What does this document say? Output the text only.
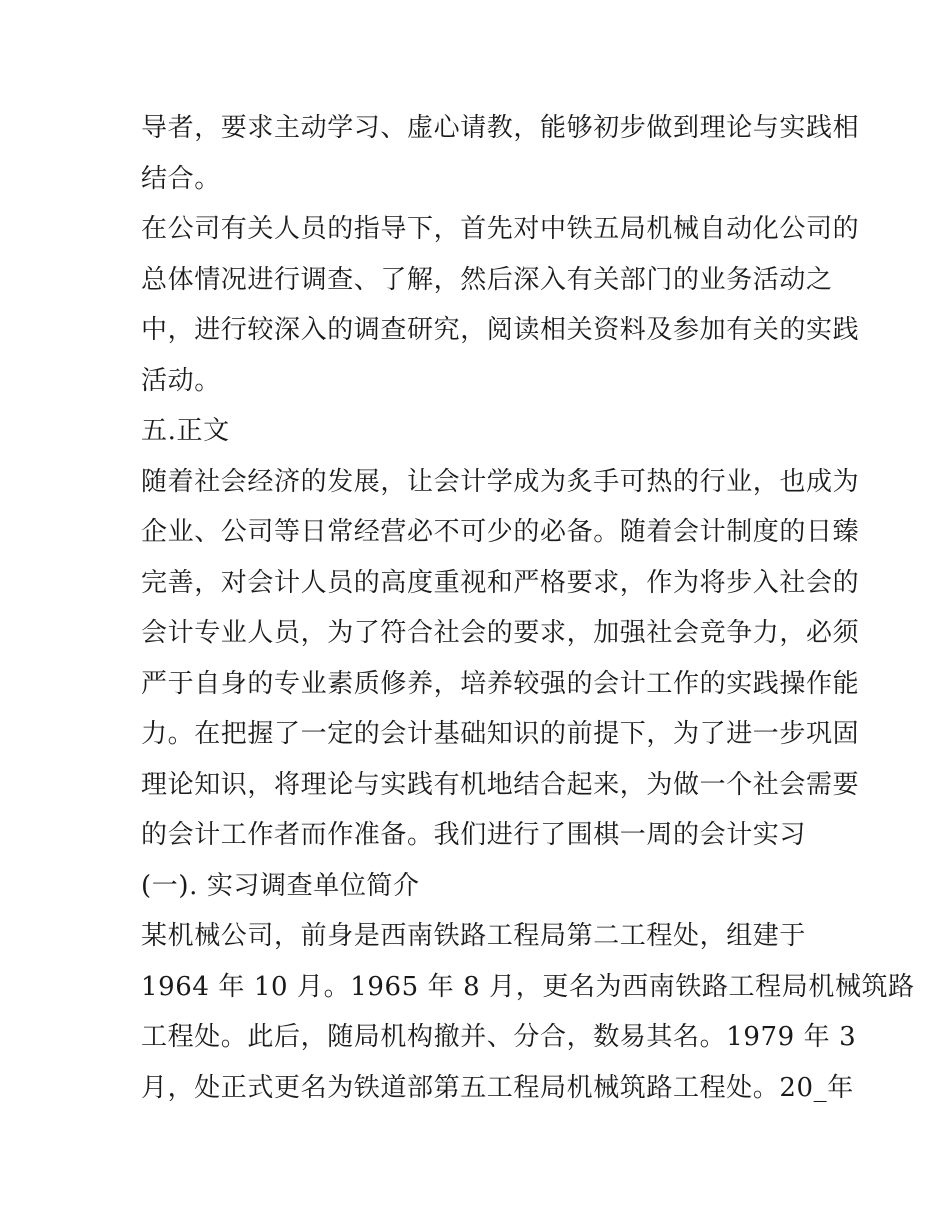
导者，要求主动学习、虚心请教，能够初步做到理论与实践相
结合。
在公司有关人员的指导下，首先对中铁五局机械自动化公司的
总体情况进行调查、了解，然后深入有关部门的业务活动之
中，进行较深入的调查研究，阅读相关资料及参加有关的实践
活动。
五.正文
随着社会经济的发展，让会计学成为炙手可热的行业，也成为
企业、公司等日常经营必不可少的必备。随着会计制度的日臻
完善，对会计人员的高度重视和严格要求，作为将步入社会的
会计专业人员，为了符合社会的要求，加强社会竞争力，必须
严于自身的专业素质修养，培养较强的会计工作的实践操作能
力。在把握了一定的会计基础知识的前提下，为了进一步巩固
理论知识，将理论与实践有机地结合起来，为做一个社会需要
的会计工作者而作准备。我们进行了围棋一周的会计实习
(一). 实习调查单位简介
某机械公司，前身是西南铁路工程局第二工程处，组建于
1964 年 10 月。1965 年 8 月，更名为西南铁路工程局机械筑路
工程处。此后，随局机构撤并、分合，数易其名。1979 年 3
月，处正式更名为铁道部第五工程局机械筑路工程处。20_年
